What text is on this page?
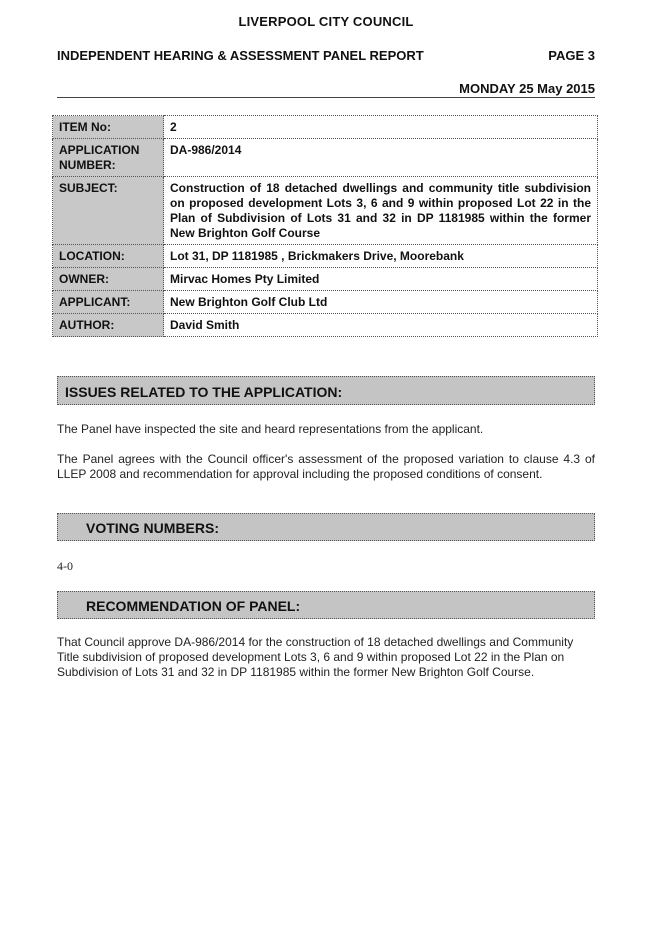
LIVERPOOL CITY COUNCIL
INDEPENDENT HEARING & ASSESSMENT PANEL REPORT	PAGE 3
MONDAY 25 May 2015
ITEM No:	2
APPLICATION NUMBER:	DA-986/2014
SUBJECT:	Construction of 18 detached dwellings and community title subdivision on proposed development Lots 3, 6 and 9 within proposed Lot 22 in the Plan of Subdivision of Lots 31 and 32 in DP 1181985 within the former New Brighton Golf Course
LOCATION:	Lot 31, DP 1181985 , Brickmakers Drive, Moorebank
OWNER:	Mirvac Homes Pty Limited
APPLICANT:	New Brighton Golf Club Ltd
AUTHOR:	David Smith
ISSUES RELATED TO THE APPLICATION:
The Panel have inspected the site and heard representations from the applicant.
The Panel agrees with the Council officer's assessment of the proposed variation to clause 4.3 of LLEP 2008 and recommendation for approval including the proposed conditions of consent.
VOTING NUMBERS:
4-0
RECOMMENDATION OF PANEL:
That Council approve DA-986/2014 for the construction of 18 detached dwellings and Community Title subdivision of proposed development Lots 3, 6 and 9 within proposed Lot 22 in the Plan on Subdivision of Lots 31 and 32 in DP 1181985 within the former New Brighton Golf Course.
